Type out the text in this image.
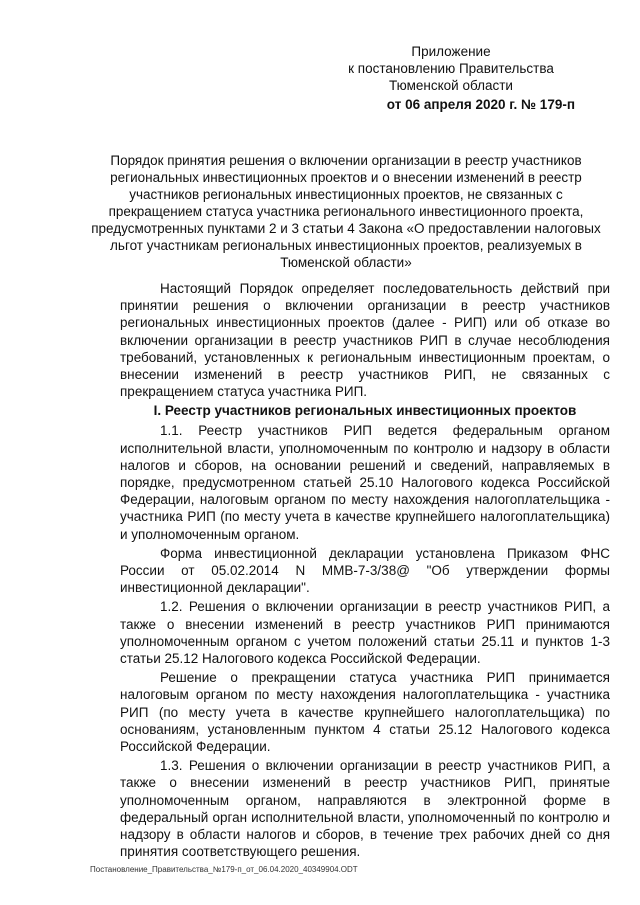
Приложение
к постановлению Правительства
Тюменской области
от 06 апреля 2020 г. № 179-п
Порядок принятия решения о включении организации в реестр участников региональных инвестиционных проектов и о внесении изменений в реестр участников региональных инвестиционных проектов, не связанных с прекращением статуса участника регионального инвестиционного проекта, предусмотренных пунктами 2 и 3 статьи 4 Закона «О предоставлении налоговых льгот участникам региональных инвестиционных проектов, реализуемых в Тюменской области»

Настоящий Порядок определяет последовательность действий при принятии решения о включении организации в реестр участников региональных инвестиционных проектов (далее - РИП) или об отказе во включении организации в реестр участников РИП в случае несоблюдения требований, установленных к региональным инвестиционным проектам, о внесении изменений в реестр участников РИП, не связанных с прекращением статуса участника РИП.

I. Реестр участников региональных инвестиционных проектов

1.1. Реестр участников РИП ведется федеральным органом исполнительной власти, уполномоченным по контролю и надзору в области налогов и сборов, на основании решений и сведений, направляемых в порядке, предусмотренном статьей 25.10 Налогового кодекса Российской Федерации, налоговым органом по месту нахождения налогоплательщика - участника РИП (по месту учета в качестве крупнейшего налогоплательщика) и уполномоченным органом.

Форма инвестиционной декларации установлена Приказом ФНС России от 05.02.2014 N ММВ-7-3/38@ "Об утверждении формы инвестиционной декларации".

1.2. Решения о включении организации в реестр участников РИП, а также о внесении изменений в реестр участников РИП принимаются уполномоченным органом с учетом положений статьи 25.11 и пунктов 1-3 статьи 25.12 Налогового кодекса Российской Федерации.

Решение о прекращении статуса участника РИП принимается налоговым органом по месту нахождения налогоплательщика - участника РИП (по месту учета в качестве крупнейшего налогоплательщика) по основаниям, установленным пунктом 4 статьи 25.12 Налогового кодекса Российской Федерации.

1.3. Решения о включении организации в реестр участников РИП, а также о внесении изменений в реестр участников РИП, принятые уполномоченным органом, направляются в электронной форме в федеральный орган исполнительной власти, уполномоченный по контролю и надзору в области налогов и сборов, в течение трех рабочих дней со дня принятия соответствующего решения.

Постановление_Правительства_№179-п_от_06.04.2020_40349904.ODT
